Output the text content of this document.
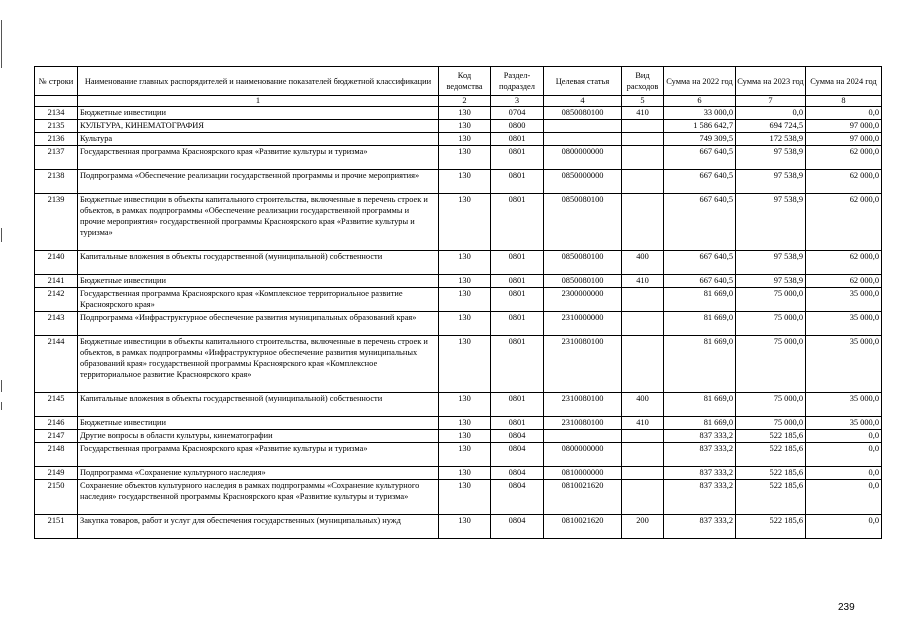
№ строки	Наименование главных распорядителей и наименование показателей бюджетной классификации	Код ведомства	Раздел-подраздел	Целевая статья	Вид расходов	Сумма на 2022 год	Сумма на 2023 год	Сумма на 2024 год
	1	2	3	4	5	6	7	8
2134	Бюджетные инвестиции	130	0704	0850080100	410	33 000,0	0,0	0,0
2135	КУЛЬТУРА, КИНЕМАТОГРАФИЯ	130	0800			1 586 642,7	694 724,5	97 000,0
2136	Культура	130	0801			749 309,5	172 538,9	97 000,0
2137	Государственная программа Красноярского края «Развитие культуры и туризма»	130	0801	0800000000		667 640,5	97 538,9	62 000,0
2138	Подпрограмма «Обеспечение реализации государственной программы и прочие мероприятия»	130	0801	0850000000		667 640,5	97 538,9	62 000,0
2139	Бюджетные инвестиции в объекты капитального строительства, включенные в перечень строек и объектов, в рамках подпрограммы «Обеспечение реализации государственной программы и прочие мероприятия» государственной программы Красноярского края «Развитие культуры и туризма»	130	0801	0850080100		667 640,5	97 538,9	62 000,0
2140	Капитальные вложения в объекты государственной (муниципальной) собственности	130	0801	0850080100	400	667 640,5	97 538,9	62 000,0
2141	Бюджетные инвестиции	130	0801	0850080100	410	667 640,5	97 538,9	62 000,0
2142	Государственная программа Красноярского края «Комплексное территориальное развитие Красноярского края»	130	0801	2300000000		81 669,0	75 000,0	35 000,0
2143	Подпрограмма «Инфраструктурное обеспечение развития муниципальных образований края»	130	0801	2310000000		81 669,0	75 000,0	35 000,0
2144	Бюджетные инвестиции в объекты капитального строительства, включенные в перечень строек и объектов, в рамках подпрограммы «Инфраструктурное обеспечение развития муниципальных образований края» государственной программы Красноярского края «Комплексное территориальное развитие Красноярского края»	130	0801	2310080100		81 669,0	75 000,0	35 000,0
2145	Капитальные вложения в объекты государственной (муниципальной) собственности	130	0801	2310080100	400	81 669,0	75 000,0	35 000,0
2146	Бюджетные инвестиции	130	0801	2310080100	410	81 669,0	75 000,0	35 000,0
2147	Другие вопросы в области культуры, кинематографии	130	0804			837 333,2	522 185,6	0,0
2148	Государственная программа Красноярского края «Развитие культуры и туризма»	130	0804	0800000000		837 333,2	522 185,6	0,0
2149	Подпрограмма «Сохранение культурного наследия»	130	0804	0810000000		837 333,2	522 185,6	0,0
2150	Сохранение объектов культурного наследия в рамках подпрограммы «Сохранение культурного наследия» государственной программы Красноярского края «Развитие культуры и туризма»	130	0804	0810021620		837 333,2	522 185,6	0,0
2151	Закупка товаров, работ и услуг для обеспечения государственных (муниципальных) нужд	130	0804	0810021620	200	837 333,2	522 185,6	0,0
239
